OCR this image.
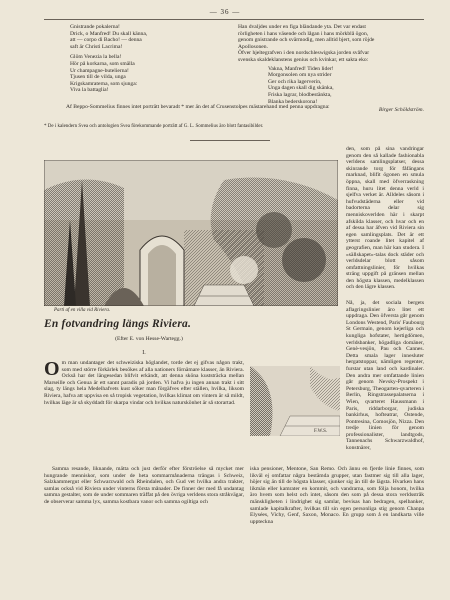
— 36 —

Gnistrande pokalerna!

Drick, o Manfred! Du skall känna,

att — corpo di Bacho! — denna

saft är Christi Lacrima!

Glöm Venezia la bella!

Hör på korkarna, som smälla

Ur champagne-butelierna!

Tjusen till de vilda, unga

Krigskamraterna, som sjunga:

Viva la battaglia!

Han dvaljdes under en figa bländande yta. Det var endast

rörligheten i hans väsende och lågan i hans mörkblå ögon,

genom gnistrande och svärmodig, men alltid bjert, som röjde

Apollosonen.

Öfver hjeltegrafven i den nordschleswigska jorden svåfvar

svenska skaldeklanstens genius och kvinkar, ett sakta eko:

Vakna, Manfred! Tiden lider!

Morgonsolen om nya strider

Ger och rika lagerverin,

Unga dagen skall dig skänka,

Friska lagrar, blodbestänkta,

Blanka bederskorona!

Birger Schöldström.

Af Beppo-Sommelius finnes intet porträtt bevaradt * mer än det af Crusenstolpes mästarehand med penna uppdragna:

* De i kalendern Svea och antologien Svea förekommande porträtt af G. L. Sommelius äro blott fantasibilder.

den, som på sina vandringar genom den så kallade fashionabla verldens samlingsplatser, dessa skinrande torg för fåfängans marknad, blifit ögonen en smula öppna, skall med öfverraskning finna, huru litet denna verld i sjelfva verket är. Alldeles såsom i hufvudstäderna eller vid badorterna delar sig menniskoverlden här i skarpt afskilda klasser, och hvar och en af dessa har äfven vid Riviera sin egen samlingsplats. Det är ett ytterst roande litet kapitel af geografien, man här kan studera. I »sällskapet»-talas dock städer och verldsdelar blott såsom omfattningslinier, för hvilkas sträng uppgift på gränsen mellan den högsta klassen, medelklassen och den lägre klassen.

Parti af en villa vid Riviera.

Nå, ja, det sociala bergets aflagringslinier äro litet ett uppdraga. Den öfversta går genom Londons Westend, Paris' Faubourg St Germain, genom kejerliga och kungliga hofstater, hertigdömen, verldsbanker, högadliga domäner, Genè-vesjön, Pau och Cannes. Detta smala lager innesluter hergatstoppar, nämligen regenter, furstar utan land och kardinaler. Den andra mer omfattande linien går genom Nevsky-Prospekt i Petersburg, Theogarten-qvarteren i Berlin, Ringstrassepalatserna i Wien, qvarteret Haussmann i Paris, riddarborgar, judiska bankirhus, hofteatrar, Ostende, Pontresina, Comosjön, Nizza. Den tredje linien för genom professionalister, landtgods, Tannenachs Schwarzwaldhof, konstnärer,

F.W.S.
En fotvandring längs Riviera.
(Efter E. von Hesse-Wartegg.)
I.

Om man undantager det schweiziska höglandet, torde det ej gifvas någon trakt, som med större förkärlek besökes af alla nationers förnämare klasser, än Riviera. Också har det längesedan blifvit erkändt, att denna sköna kuststräcka mellan Marseille och Genua är ett sannt paradis på jorden. Vi hafva ju ingen annan trakt i sitt slag, ty längs hela Medelhafvets kust söker man förgäfves efter ställen, hvilka, liksom Riviera, hafva att uppvisa en så tropisk vegetation, hvilkas klimat om vintern är så mildt, hvilkas läge är så skyddadt för skarpa vindar och hvilkas naturskönhet är så storartad.

Samma resande, liknande, mätta och just derför efter förströelse så mycket mer hungrande menniskor, som under de heta sommarmånaderna trängas i Schweiz, Salzkammergut eller Schwarzwald och Rheindalen, och Gud vet hvilka andra trakter, samlas också vid Riviera under vinterns första månader. De finner der med få undantag samma gestalter, som de under sommaren träffat på den övriga verldens stora stråkvägar, de observerar samma lyx, samma kostbara vanor och samma ogiltiga och

iska pensioner, Mentone, San Remo. Och ännu en fjerde linie finnes, som likväl ej omfattar några bestämda grupper, utan fastmer sig till alla lager, höjer sig än till de högsta klasser, sjunker sig än till de lägsta. Hvarken hans likmän eller kamrater en kommit, och vandrarna, som följa honom, hvilka äro hvem som helst och intet, såsom den som på dessa stora verldsstråk mänskligheten i lindrighet sig samlar, bevisas han bedragen, spelbanker, samlade kapitalkrafter, hvilkas till sin egen personliga stig genom Chanpa Elysées, Vichy, Genf, Saxon, Monaco. En grupp som å en landkarta ville uppteckna
